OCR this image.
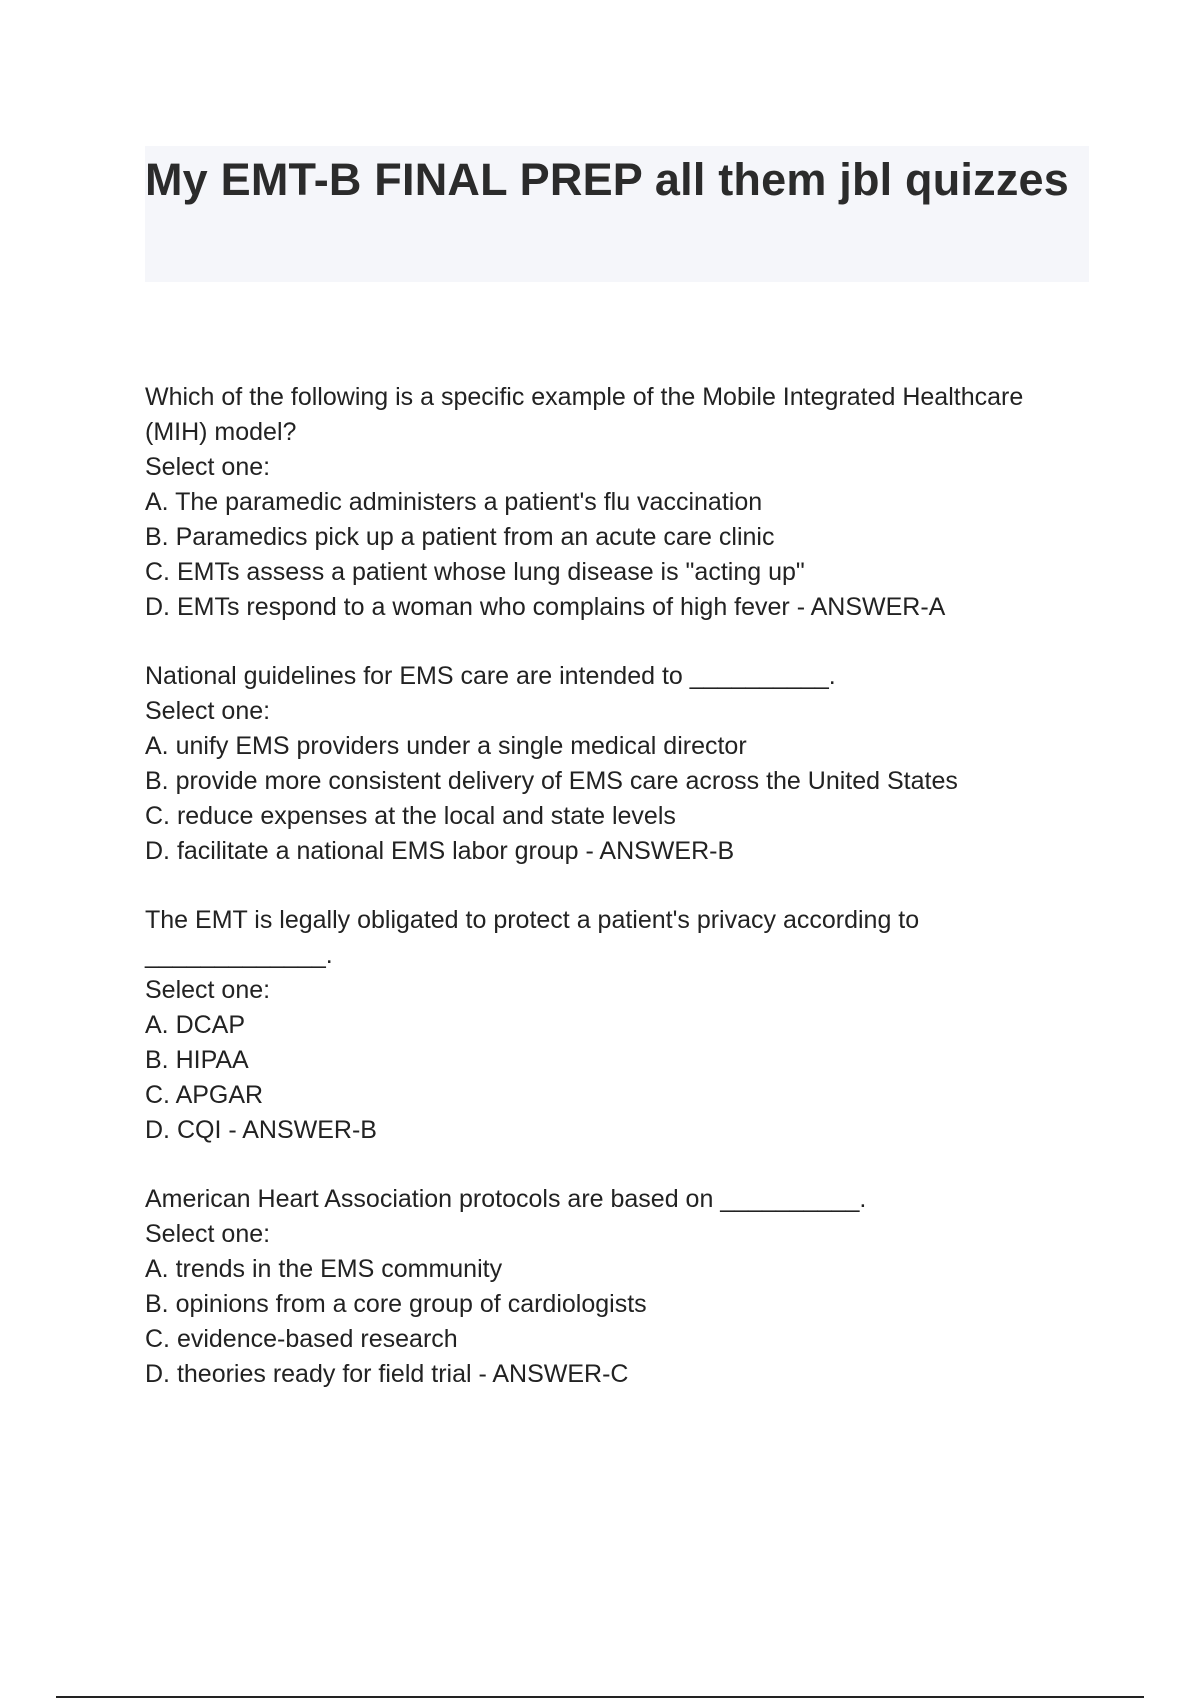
My EMT-B FINAL PREP all them jbl quizzes
Which of the following is a specific example of the Mobile Integrated Healthcare
(MIH) model?
Select one:
A. The paramedic administers a patient's flu vaccination
B. Paramedics pick up a patient from an acute care clinic
C. EMTs assess a patient whose lung disease is "acting up"
D. EMTs respond to a woman who complains of high fever - ANSWER-A
National guidelines for EMS care are intended to __________.
Select one:
A. unify EMS providers under a single medical director
B. provide more consistent delivery of EMS care across the United States
C. reduce expenses at the local and state levels
D. facilitate a national EMS labor group - ANSWER-B
The EMT is legally obligated to protect a patient's privacy according to
_____________.
Select one:
A. DCAP
B. HIPAA
C. APGAR
D. CQI - ANSWER-B
American Heart Association protocols are based on __________.
Select one:
A. trends in the EMS community
B. opinions from a core group of cardiologists
C. evidence-based research
D. theories ready for field trial - ANSWER-C
